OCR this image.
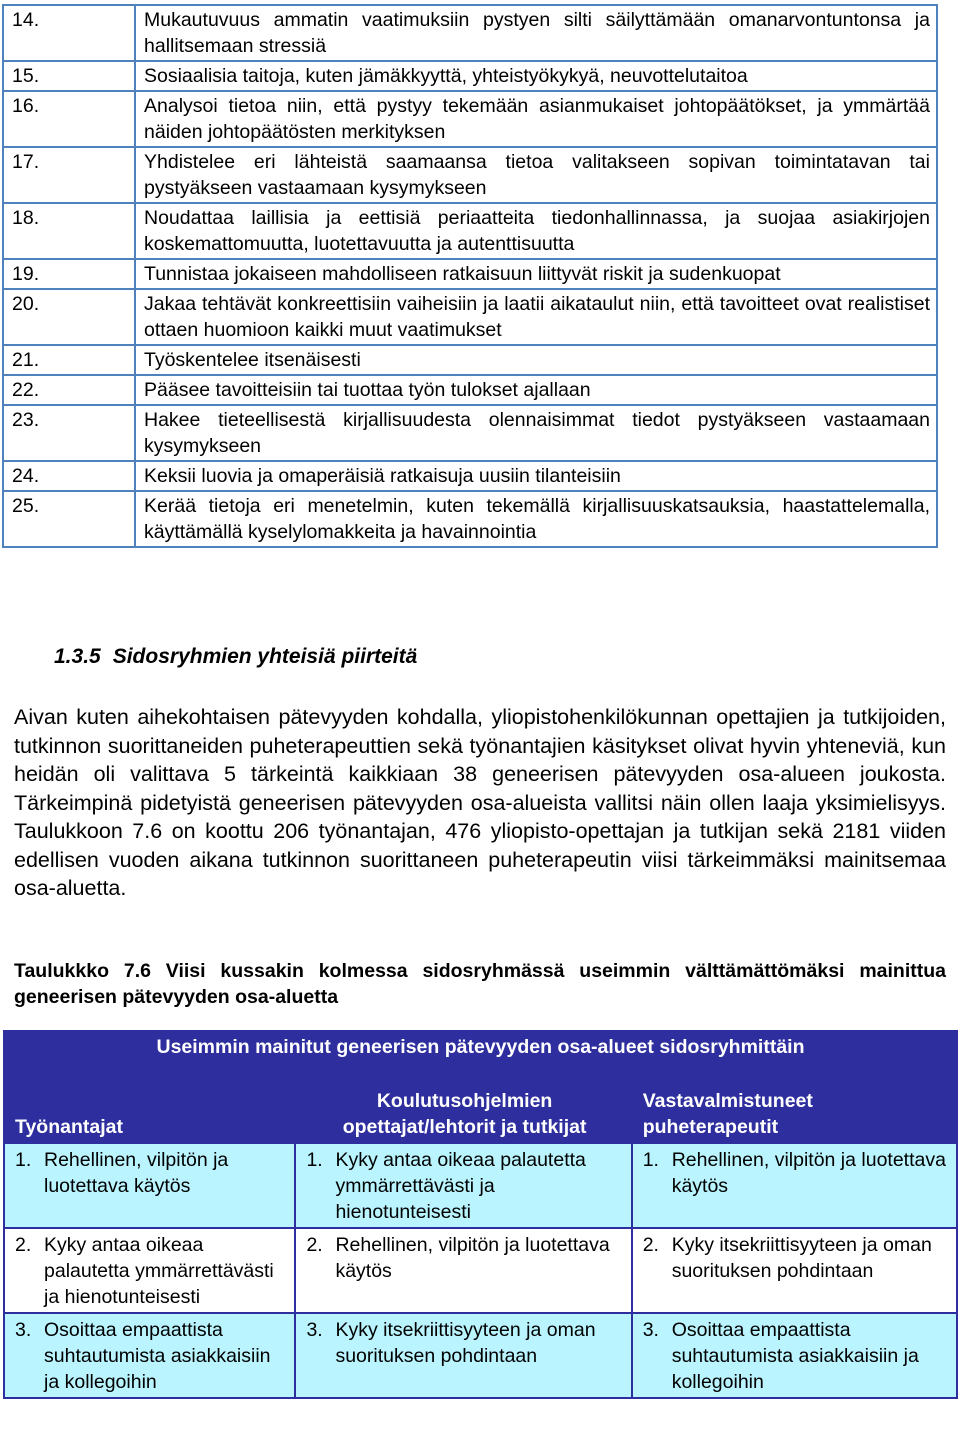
14.	Mukautuvuus ammatin vaatimuksiin pystyen silti säilyttämään omanarvontuntonsa ja hallitsemaan stressiä
15.	Sosiaalisia taitoja, kuten jämäkkyyttä, yhteistyökykyä, neuvottelutaitoa
16.	Analysoi tietoa niin, että pystyy tekemään asianmukaiset johtopäätökset, ja ymmärtää näiden johtopäätösten merkityksen
17.	Yhdistelee eri lähteistä saamaansa tietoa valitakseen sopivan toimintatavan tai pystyäkseen vastaamaan kysymykseen
18.	Noudattaa laillisia ja eettisiä periaatteita tiedonhallinnassa, ja suojaa asiakirjojen koskemattomuutta, luotettavuutta ja autenttisuutta
19.	Tunnistaa jokaiseen mahdolliseen ratkaisuun liittyvät riskit ja sudenkuopat
20.	Jakaa tehtävät konkreettisiin vaiheisiin ja laatii aikataulut niin, että tavoitteet ovat realistiset ottaen huomioon kaikki muut vaatimukset
21.	Työskentelee itsenäisesti
22.	Pääsee tavoitteisiin tai tuottaa työn tulokset ajallaan
23.	Hakee tieteellisestä kirjallisuudesta olennaisimmat tiedot pystyäkseen vastaamaan kysymykseen
24.	Keksii luovia ja omaperäisiä ratkaisuja uusiin tilanteisiin
25.	Kerää tietoja eri menetelmin, kuten tekemällä kirjallisuuskatsauksia, haastattelemalla, käyttämällä kyselylomakkeita ja havainnointia
1.3.5 Sidosryhmien yhteisiä piirteitä

Aivan kuten aihekohtaisen pätevyyden kohdalla, yliopistohenkilökunnan opettajien ja tutkijoiden, tutkinnon suorittaneiden puheterapeuttien sekä työnantajien käsitykset olivat hyvin yhteneviä, kun heidän oli valittava 5 tärkeintä kaikkiaan 38 geneerisen pätevyyden osa-alueen joukosta. Tärkeimpinä pidetyistä geneerisen pätevyyden osa-alueista vallitsi näin ollen laaja yksimielisyys. Taulukkoon 7.6 on koottu 206 työnantajan, 476 yliopisto-opettajan ja tutkijan sekä 2181 viiden edellisen vuoden aikana tutkinnon suorittaneen puheterapeutin viisi tärkeimmäksi mainitsemaa osa-aluetta.

Taulukkko 7.6 Viisi kussakin kolmessa sidosryhmässä useimmin välttämättömäksi mainittua geneerisen pätevyyden osa-aluetta

Useimmin mainitut geneerisen pätevyyden osa-alueet sidosryhmittäin		
Työnantajat	Koulutusohjelmien opettajat/lehtorit ja tutkijat	Vastavalmistuneet puheterapeutit

1. Rehellinen, vilpitön ja luotettava käytös	1. Kyky antaa oikeaa palautetta ymmärrettävästi ja hienotunteisesti	1. Rehellinen, vilpitön ja luotettava käytös

2. Kyky antaa oikeaa palautetta ymmärrettävästi ja hienotunteisesti	2. Rehellinen, vilpitön ja luotettava käytös	2. Kyky itsekriittisyyteen ja oman suorituksen pohdintaan

3. Osoittaa empaattista suhtautumista asiakkaisiin ja kollegoihin	3. Kyky itsekriittisyyteen ja oman suorituksen pohdintaan	3. Osoittaa empaattista suhtautumista asiakkaisiin ja kollegoihin
